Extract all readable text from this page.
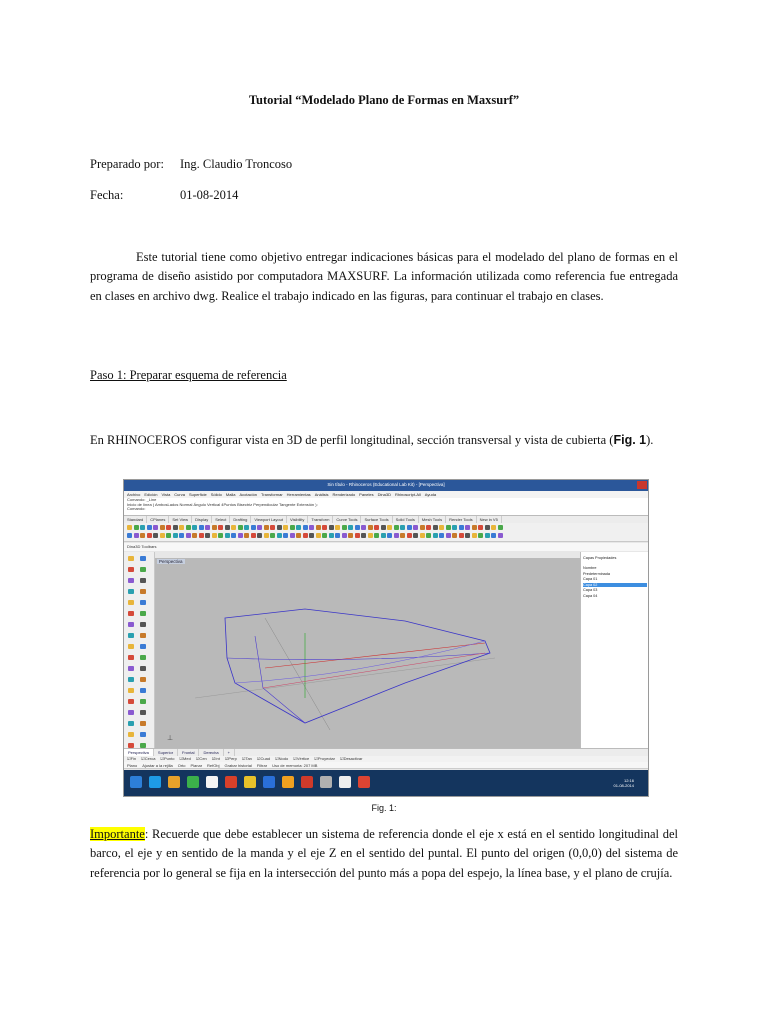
Tutorial “Modelado Plano de Formas en Maxsurf”
Preparado por: Ing. Claudio Troncoso
Fecha:	01-08-2014
Este tutorial tiene como objetivo entregar indicaciones básicas para el modelado del plano de formas en el programa de diseño asistido por computadora MAXSURF. La información utilizada como referencia fue entregada en clases en archivo dwg. Realice el trabajo indicado en las figuras, para continuar el trabajo en clases.
Paso 1: Preparar esquema de referencia
En RHINOCEROS configurar vista en 3D de perfil longitudinal, sección transversal y vista de cubierta (Fig. 1).
Sin título - Rhinoceros (Educational Lab Kit) - [Perspectiva]
Archivo Edición Vista Curva Superficie Sólido Malla Acotación Transformar Herramientas Análisis Renderizado Paneles Dina3D Rhinoscript-All Ayuda
Comando: _Line
Inicio de línea ( AmbosLados Normal Ángulo Vertical 4Puntos Bisectriz Perpendicular Tangente Extensión ):
Comando:
Standard CPlanes Set View Display Select Drafting Viewport Layout Visibility Transform Curve Tools Surface Tools Solid Tools Mesh Tools Render Tools New in V5
Dina3D Toolbars
⊥
Perspectiva
Capas Propiedades
Nombre
Predeterminada
Capa 01
Capa 02
Capa 03
Capa 04
Perspectiva Superior Frontal Derecha +
☑Fin ☑Cerca ☑Punto ☑Med ☑Cen ☑Int ☑Perp ☑Tan ☑Cuad ☑Nodo ☑Vértice ☑Proyectar ☑Desactivar
Plano Ajustar a la rejilla Orto Planar RefObj Grabar historial Filtrar Uso de memoria: 207 MB
12:16
01-08-2014
Fig. 1:
Importante: Recuerde que debe establecer un sistema de referencia donde el eje x está en el sentido longitudinal del barco, el eje y en sentido de la manda y el eje Z en el sentido del puntal. El punto del origen (0,0,0) del sistema de referencia por lo general se fija en la intersección del punto más a popa del espejo, la línea base, y el plano de crujía.
